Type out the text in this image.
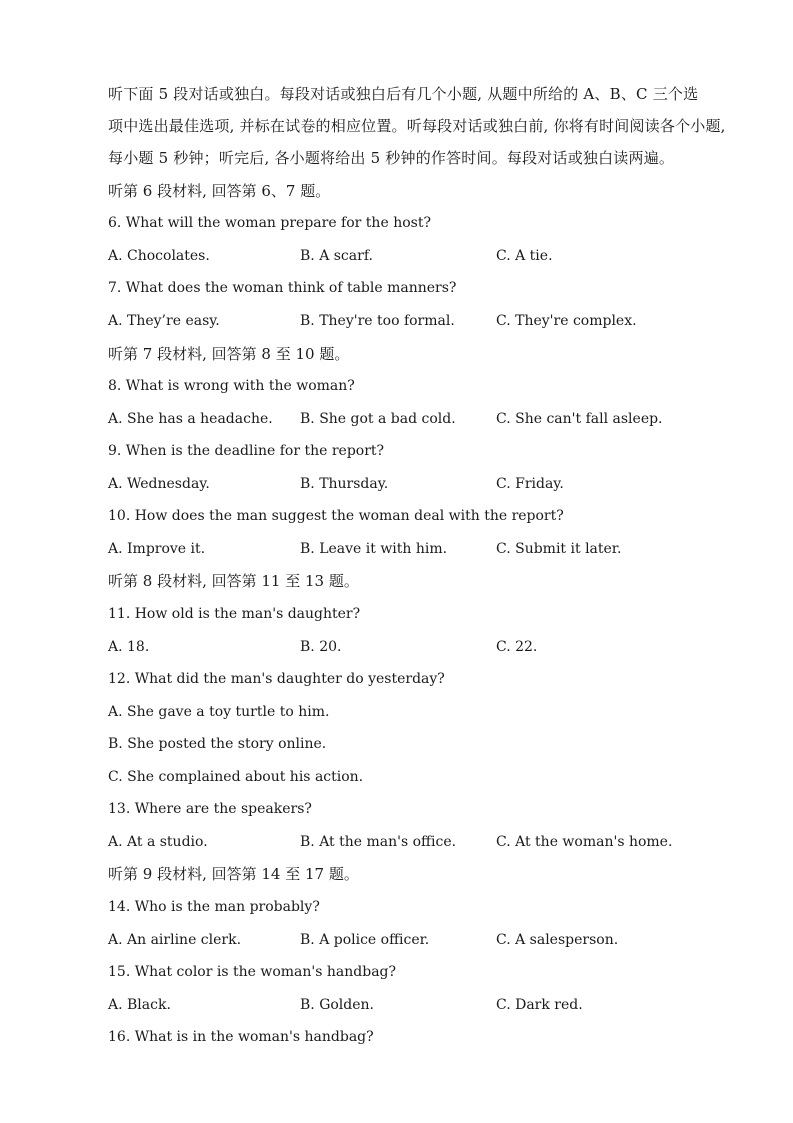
听下面 5 段对话或独白。每段对话或独白后有几个小题, 从题中所给的 A、B、C 三个选
项中选出最佳选项, 并标在试卷的相应位置。听每段对话或独白前, 你将有时间阅读各个小题,
每小题 5 秒钟；听完后, 各小题将给出 5 秒钟的作答时间。每段对话或独白读两遍。
听第 6 段材料, 回答第 6、7 题。
6. What will the woman prepare for the host?
A. Chocolates.	B. A scarf.	C. A tie.
7. What does the woman think of table manners?
A. They’re easy.	B. They're too formal.	C. They're complex.
听第 7 段材料, 回答第 8 至 10 题。
8. What is wrong with the woman?
A. She has a headache. B. She got a bad cold.	C. She can't fall asleep.
9. When is the deadline for the report?
A. Wednesday.	B. Thursday.	C. Friday.
10. How does the man suggest the woman deal with the report?
A. Improve it.	B. Leave it with him.	C. Submit it later.
听第 8 段材料, 回答第 11 至 13 题。
11. How old is the man's daughter?
A. 18.	B. 20.	C. 22.
12. What did the man's daughter do yesterday?
A. She gave a toy turtle to him.
B. She posted the story online.
C. She complained about his action.
13. Where are the speakers?
A. At a studio.	B. At the man's office.	C. At the woman's home.
听第 9 段材料, 回答第 14 至 17 题。
14. Who is the man probably?
A. An airline clerk.	B. A police officer.	C. A salesperson.
15. What color is the woman's handbag?
A. Black.	B. Golden.	C. Dark red.
16. What is in the woman's handbag?
